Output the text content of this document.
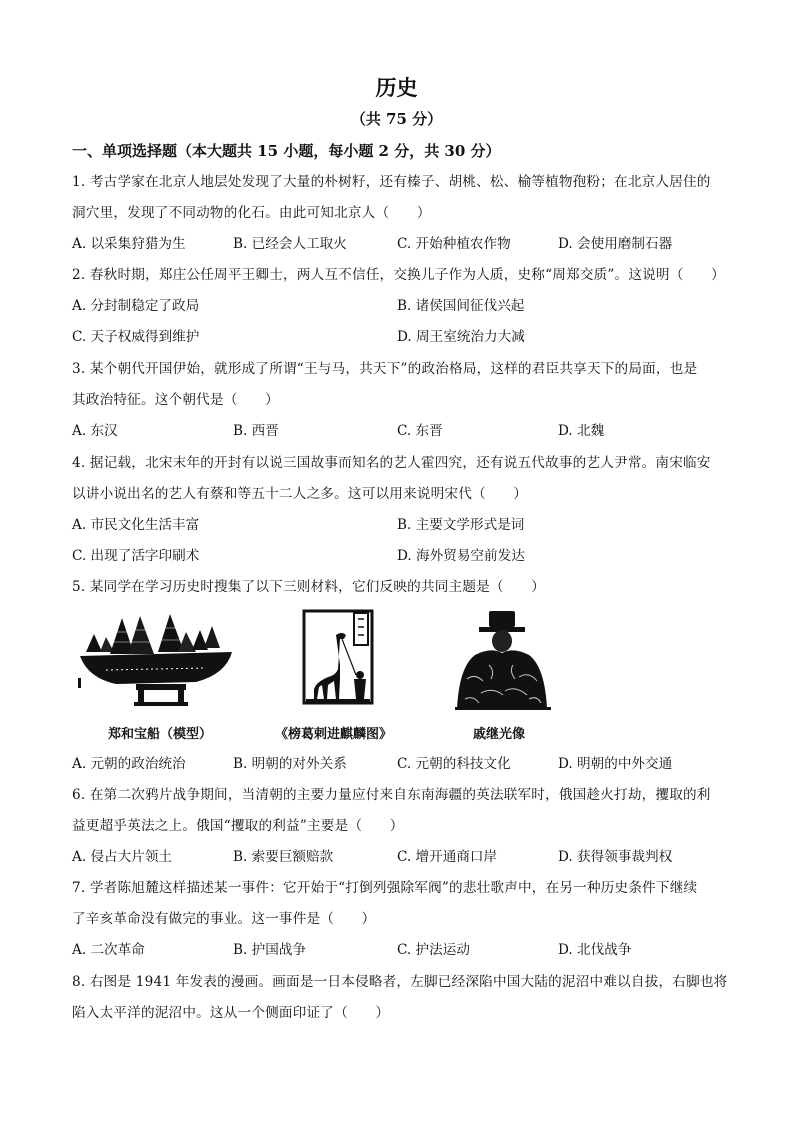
历史
（共 75 分）
一、单项选择题（本大题共 15 小题，每小题 2 分，共 30 分）
1. 考古学家在北京人地层处发现了大量的朴树籽，还有榛子、胡桃、松、榆等植物孢粉；在北京人居住的
洞穴里，发现了不同动物的化石。由此可知北京人（　　）
A. 以采集狩猎为生	B. 已经会人工取火	C. 开始种植农作物	D. 会使用磨制石器
2. 春秋时期，郑庄公任周平王卿士，两人互不信任，交换儿子作为人质，史称“周郑交质”。这说明（　　）
A. 分封制稳定了政局	B. 诸侯国间征伐兴起
C. 天子权威得到维护	D. 周王室统治力大减
3. 某个朝代开国伊始，就形成了所谓“王与马，共天下”的政治格局，这样的君臣共享天下的局面，也是
其政治特征。这个朝代是（　　）
A. 东汉	B. 西晋	C. 东晋	D. 北魏
4. 据记载，北宋末年的开封有以说三国故事而知名的艺人霍四究，还有说五代故事的艺人尹常。南宋临安
以讲小说出名的艺人有蔡和等五十二人之多。这可以用来说明宋代（　　）
A. 市民文化生活丰富	B. 主要文学形式是词
C. 出现了活字印刷术	D. 海外贸易空前发达
5. 某同学在学习历史时搜集了以下三则材料，它们反映的共同主题是（　　）
郑和宝船（模型）	《榜葛剌进麒麟图》	戚继光像
A. 元朝的政治统治	B. 明朝的对外关系	C. 元朝的科技文化	D. 明朝的中外交通
6. 在第二次鸦片战争期间，当清朝的主要力量应付来自东南海疆的英法联军时，俄国趁火打劫，攫取的利
益更超乎英法之上。俄国“攫取的利益”主要是（　　）
A. 侵占大片领土	B. 索要巨额赔款	C. 增开通商口岸	D. 获得领事裁判权
7. 学者陈旭麓这样描述某一事件：它开始于“打倒列强除军阀”的悲壮歌声中，在另一种历史条件下继续
了辛亥革命没有做完的事业。这一事件是（　　）
A. 二次革命	B. 护国战争	C. 护法运动	D. 北伐战争
8. 右图是 1941 年发表的漫画。画面是一日本侵略者，左脚已经深陷中国大陆的泥沼中难以自拔，右脚也将
陷入太平洋的泥沼中。这从一个侧面印证了（　　）
